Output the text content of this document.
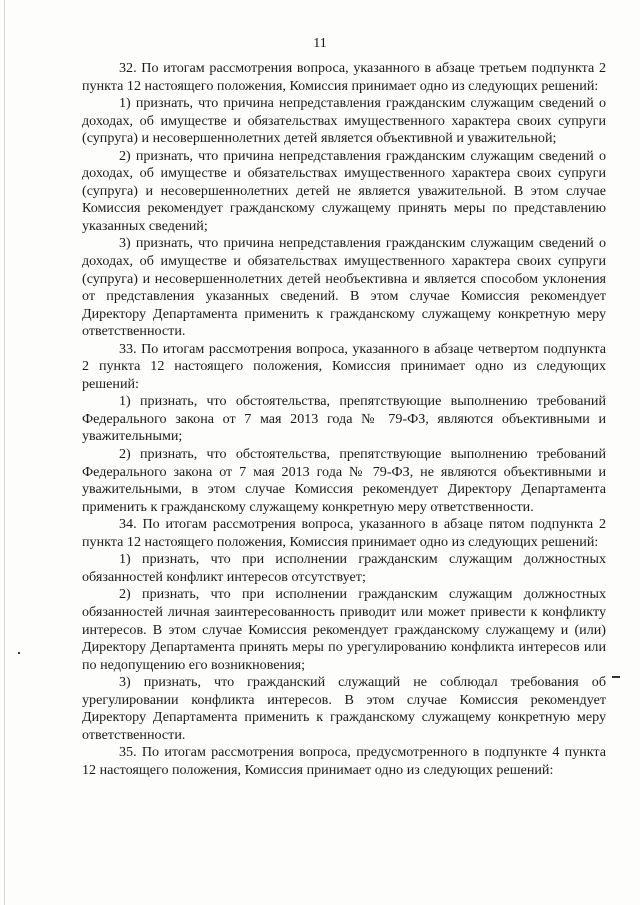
11

32. По итогам рассмотрения вопроса, указанного в абзаце третьем подпункта 2 пункта 12 настоящего положения, Комиссия принимает одно из следующих решений:

1) признать, что причина непредставления гражданским служащим сведений о доходах, об имуществе и обязательствах имущественного характера своих супруги (супруга) и несовершеннолетних детей является объективной и уважительной;

2) признать, что причина непредставления гражданским служащим сведений о доходах, об имуществе и обязательствах имущественного характера своих супруги (супруга) и несовершеннолетних детей не является уважительной. В этом случае Комиссия рекомендует гражданскому служащему принять меры по представлению указанных сведений;

3) признать, что причина непредставления гражданским служащим сведений о доходах, об имуществе и обязательствах имущественного характера своих супруги (супруга) и несовершеннолетних детей необъективна и является способом уклонения от представления указанных сведений. В этом случае Комиссия рекомендует Директору Департамента применить к гражданскому служащему конкретную меру ответственности.

33. По итогам рассмотрения вопроса, указанного в абзаце четвертом подпункта 2 пункта 12 настоящего положения, Комиссия принимает одно из следующих решений:

1) признать, что обстоятельства, препятствующие выполнению требований Федерального закона от 7 мая 2013 года № 79-ФЗ, являются объективными и уважительными;

2) признать, что обстоятельства, препятствующие выполнению требований Федерального закона от 7 мая 2013 года № 79-ФЗ, не являются объективными и уважительными, в этом случае Комиссия рекомендует Директору Департамента применить к гражданскому служащему конкретную меру ответственности.

34. По итогам рассмотрения вопроса, указанного в абзаце пятом подпункта 2 пункта 12 настоящего положения, Комиссия принимает одно из следующих решений:

1) признать, что при исполнении гражданским служащим должностных обязанностей конфликт интересов отсутствует;

2) признать, что при исполнении гражданским служащим должностных обязанностей личная заинтересованность приводит или может привести к конфликту интересов. В этом случае Комиссия рекомендует гражданскому служащему и (или) Директору Департамента принять меры по урегулированию конфликта интересов или по недопущению его возникновения;

3) признать, что гражданский служащий не соблюдал требования об урегулировании конфликта интересов. В этом случае Комиссия рекомендует Директору Департамента применить к гражданскому служащему конкретную меру ответственности.

35. По итогам рассмотрения вопроса, предусмотренного в подпункте 4 пункта 12 настоящего положения, Комиссия принимает одно из следующих решений:
